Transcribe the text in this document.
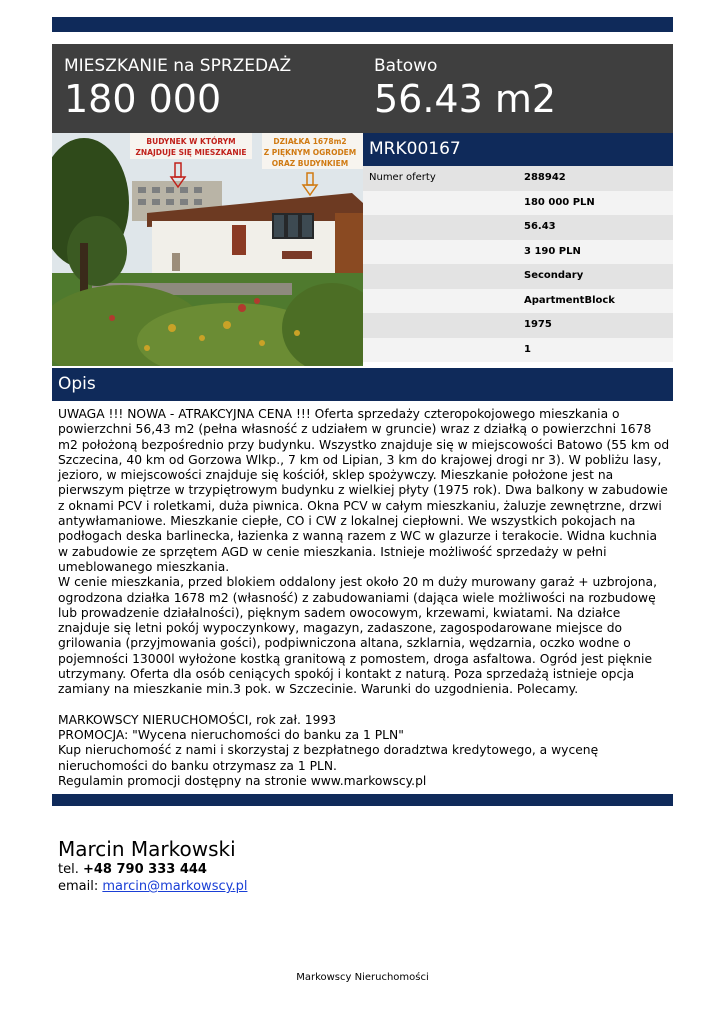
MIESZKANIE na SPRZEDAŻ
180 000
Batowo
56.43 m2
BUDYNEK W KTÓRYM
ZNAJDUJE SIĘ MIESZKANIE
DZIAŁKA 1678m2
Z PIĘKNYM OGRODEM
ORAZ BUDYNKIEM
MRK00167
Numer oferty	288942
180 000 PLN
56.43
3 190 PLN
Secondary
ApartmentBlock
1975
1
Opis

UWAGA !!! NOWA - ATRAKCYJNA CENA !!! Oferta sprzedaży czteropokojowego mieszkania o powierzchni 56,43 m2 (pełna własność z udziałem w gruncie) wraz z działką o powierzchni 1678 m2 położoną bezpośrednio przy budynku. Wszystko znajduje się w miejscowości Batowo (55 km od Szczecina, 40 km od Gorzowa Wlkp., 7 km od Lipian, 3 km do krajowej drogi nr 3). W pobliżu lasy, jezioro, w miejscowości znajduje się kościół, sklep spożywczy. Mieszkanie położone jest na pierwszym piętrze w trzypiętrowym budynku z wielkiej płyty (1975 rok). Dwa balkony w zabudowie z oknami PCV i roletkami, duża piwnica. Okna PCV w całym mieszkaniu, żaluzje zewnętrzne, drzwi antywłamaniowe. Mieszkanie ciepłe, CO i CW z lokalnej ciepłowni. We wszystkich pokojach na podłogach deska barlinecka, łazienka z wanną razem z WC w glazurze i terakocie. Widna kuchnia w zabudowie ze sprzętem AGD w cenie mieszkania. Istnieje możliwość sprzedaży w pełni umeblowanego mieszkania.

W cenie mieszkania, przed blokiem oddalony jest około 20 m duży murowany garaż + uzbrojona, ogrodzona działka 1678 m2 (własność) z zabudowaniami (dająca wiele możliwości na rozbudowę lub prowadzenie działalności), pięknym sadem owocowym, krzewami, kwiatami. Na działce znajduje się letni pokój wypoczynkowy, magazyn, zadaszone, zagospodarowane miejsce do grilowania (przyjmowania gości), podpiwniczona altana, szklarnia, wędzarnia, oczko wodne o pojemności 13000l wyłożone kostką granitową z pomostem, droga asfaltowa. Ogród jest pięknie utrzymany. Oferta dla osób ceniących spokój i kontakt z naturą. Poza sprzedażą istnieje opcja zamiany na mieszkanie min.3 pok. w Szczecinie. Warunki do uzgodnienia. Polecamy.

MARKOWSCY NIERUCHOMOŚCI, rok zał. 1993

PROMOCJA: "Wycena nieruchomości do banku za 1 PLN"

Kup nieruchomość z nami i skorzystaj z bezpłatnego doradztwa kredytowego, a wycenę nieruchomości do banku otrzymasz za 1 PLN.

Regulamin promocji dostępny na stronie www.markowscy.pl

Marcin Markowski
tel. +48 790 333 444
email: marcin@markowscy.pl
Markowscy Nieruchomości
